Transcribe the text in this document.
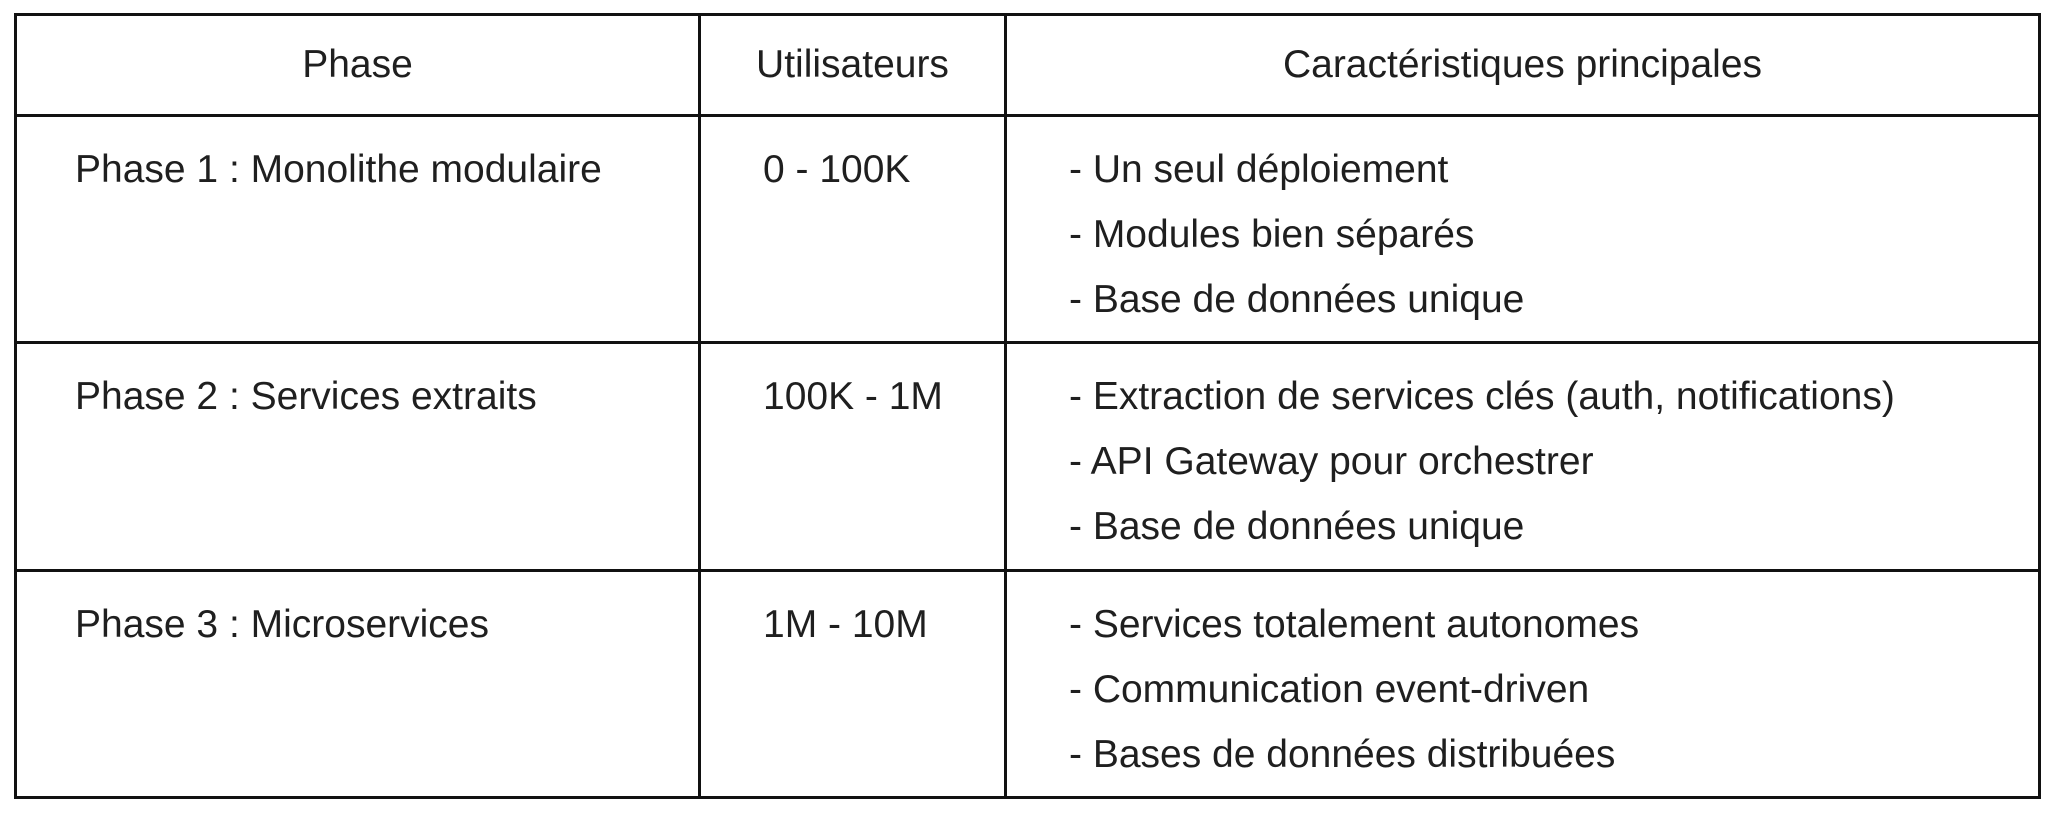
Phase	Utilisateurs	Caractéristiques principales

Phase 1 : Monolithe modulaire	0 - 100K	- Un seul déploiement
- Modules bien séparés
- Base de données unique

Phase 2 : Services extraits	100K - 1M	- Extraction de services clés (auth, notifications)
- API Gateway pour orchestrer
- Base de données unique

Phase 3 : Microservices	1M - 10M	- Services totalement autonomes
- Communication event-driven
- Bases de données distribuées
